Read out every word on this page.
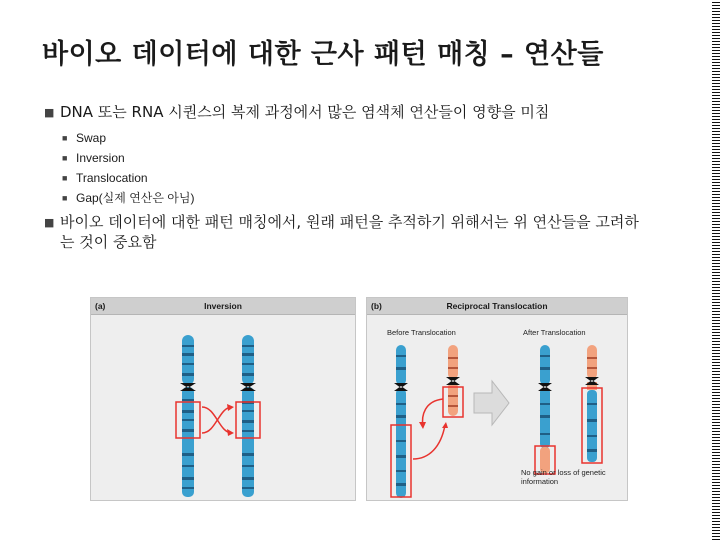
바이오 데이터에 대한 근사 패턴 매칭 – 연산들
■ DNA 또는 RNA 시퀀스의 복제 과정에서 많은 염색체 연산들이 영향을 미침
■ Swap
■ Inversion
■ Translocation
■ Gap(실제 연산은 아님)
■ 바이오 데이터에 대한 패턴 매칭에서, 원래 패턴을 추적하기 위해서는 위 연산들을 고려하는 것이 중요함
(a)	Inversion	(b)	Reciprocal Translocation
Before Translocation	After Translocation
No gain or loss of genetic information
